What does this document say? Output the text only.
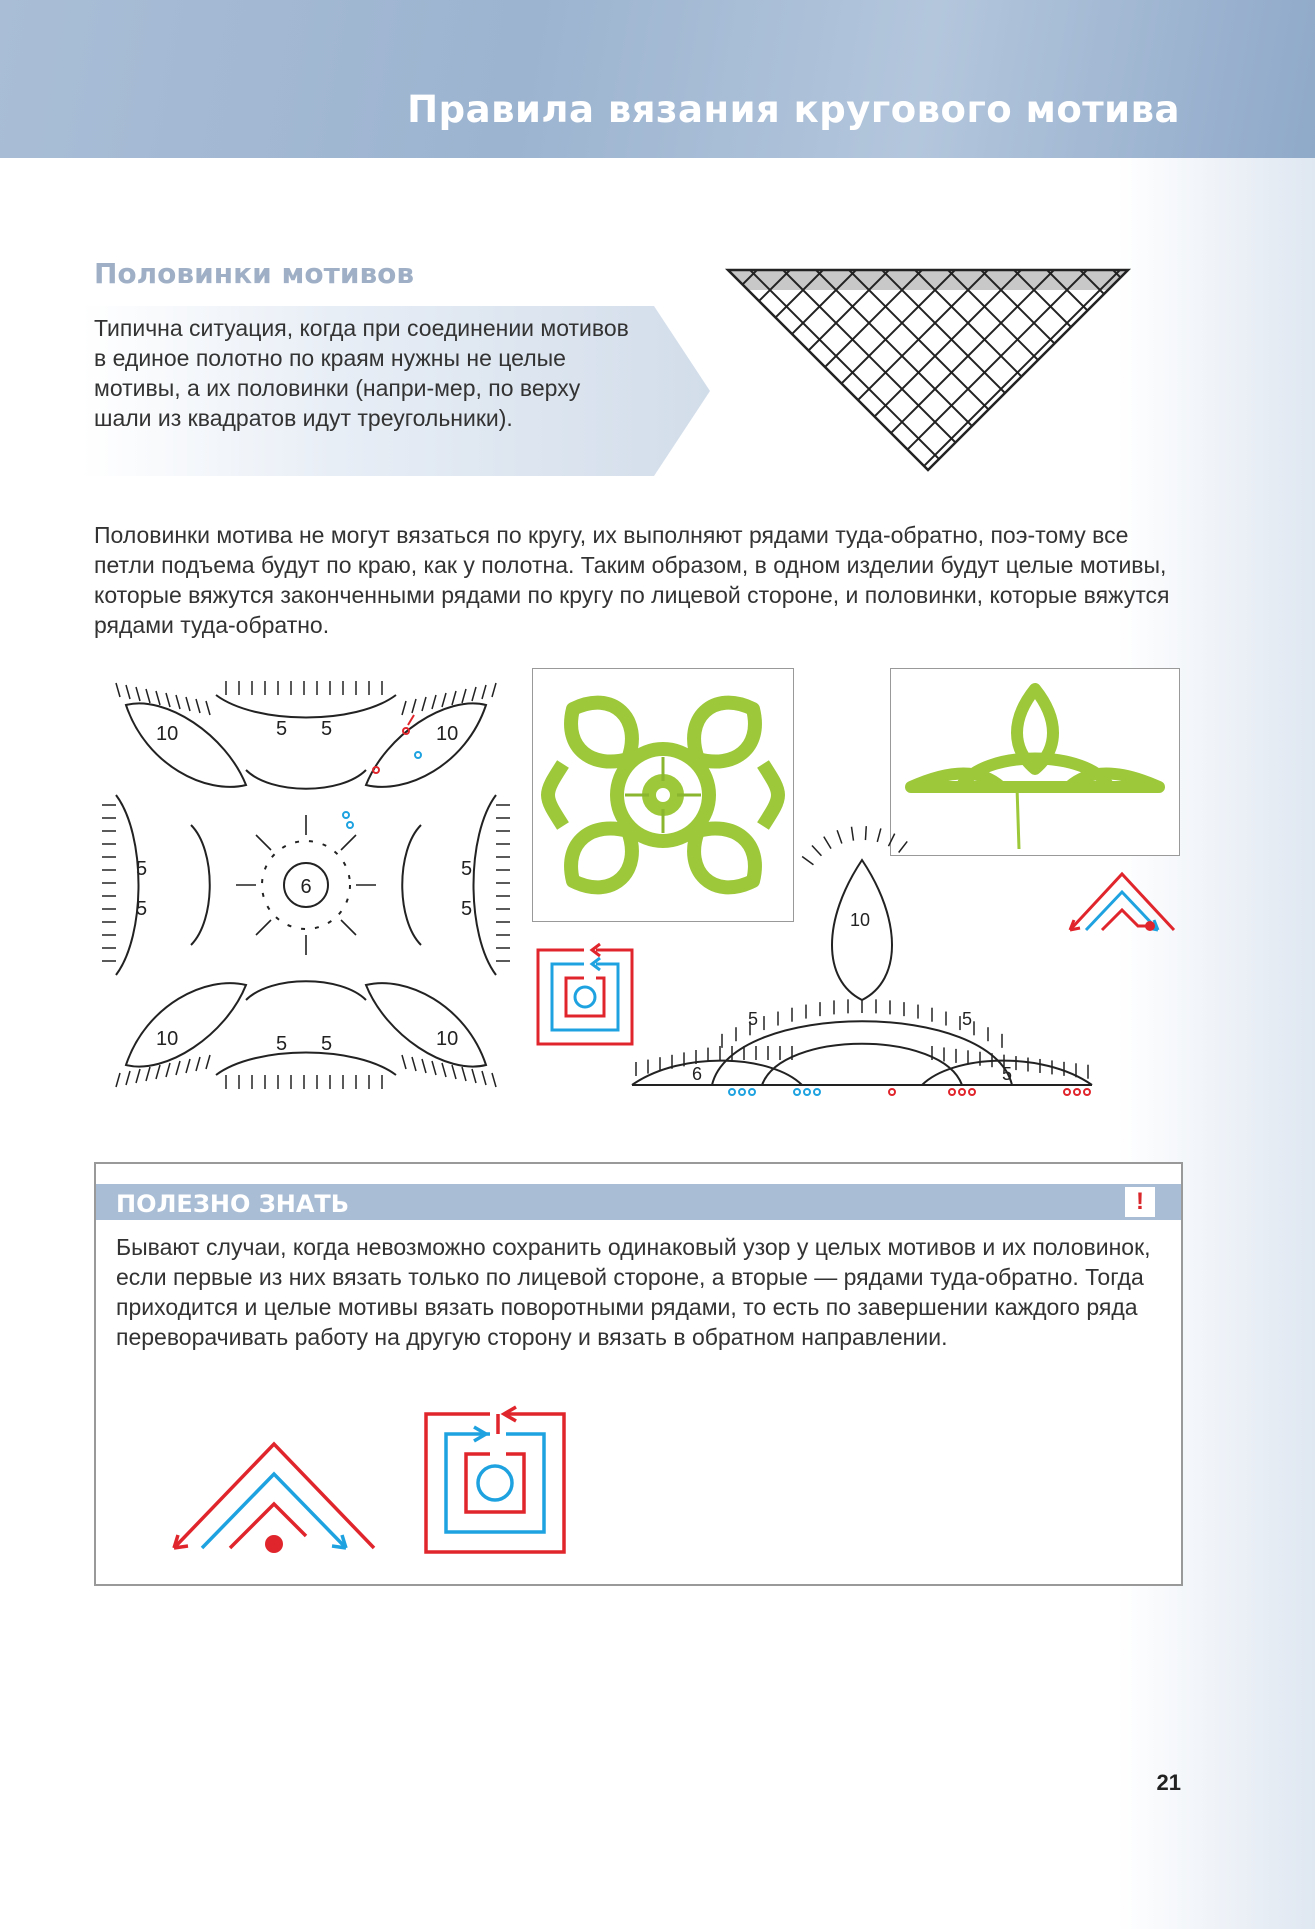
Правила вязания кругового мотива
Половинки мотивов
Типична ситуация, когда при соединении мотивов в единое полотно по краям нужны не целые мотивы, а их половинки (напри-мер, по верху шали из квадратов идут треугольники).
Половинки мотива не могут вязаться по кругу, их выполняют рядами туда-обратно, поэ-тому все петли подъема будут по краю, как у полотна. Таким образом, в одном изделии будут целые мотивы, которые вяжутся законченными рядами по кругу по лицевой стороне, и половинки, которые вяжутся рядами туда-обратно.
6
5 5
5 5
5
5
5
5
10	10
10	10
10
5	5
6	5
ПОЛЕЗНО ЗНАТЬ	!
Бывают случаи, когда невозможно сохранить одинаковый узор у целых мотивов и их половинок, если первые из них вязать только по лицевой стороне, а вторые — рядами туда-обратно. Тогда приходится и целые мотивы вязать поворотными рядами, то есть по завершении каждого ряда переворачивать работу на другую сторону и вязать в обратном направлении.
21
